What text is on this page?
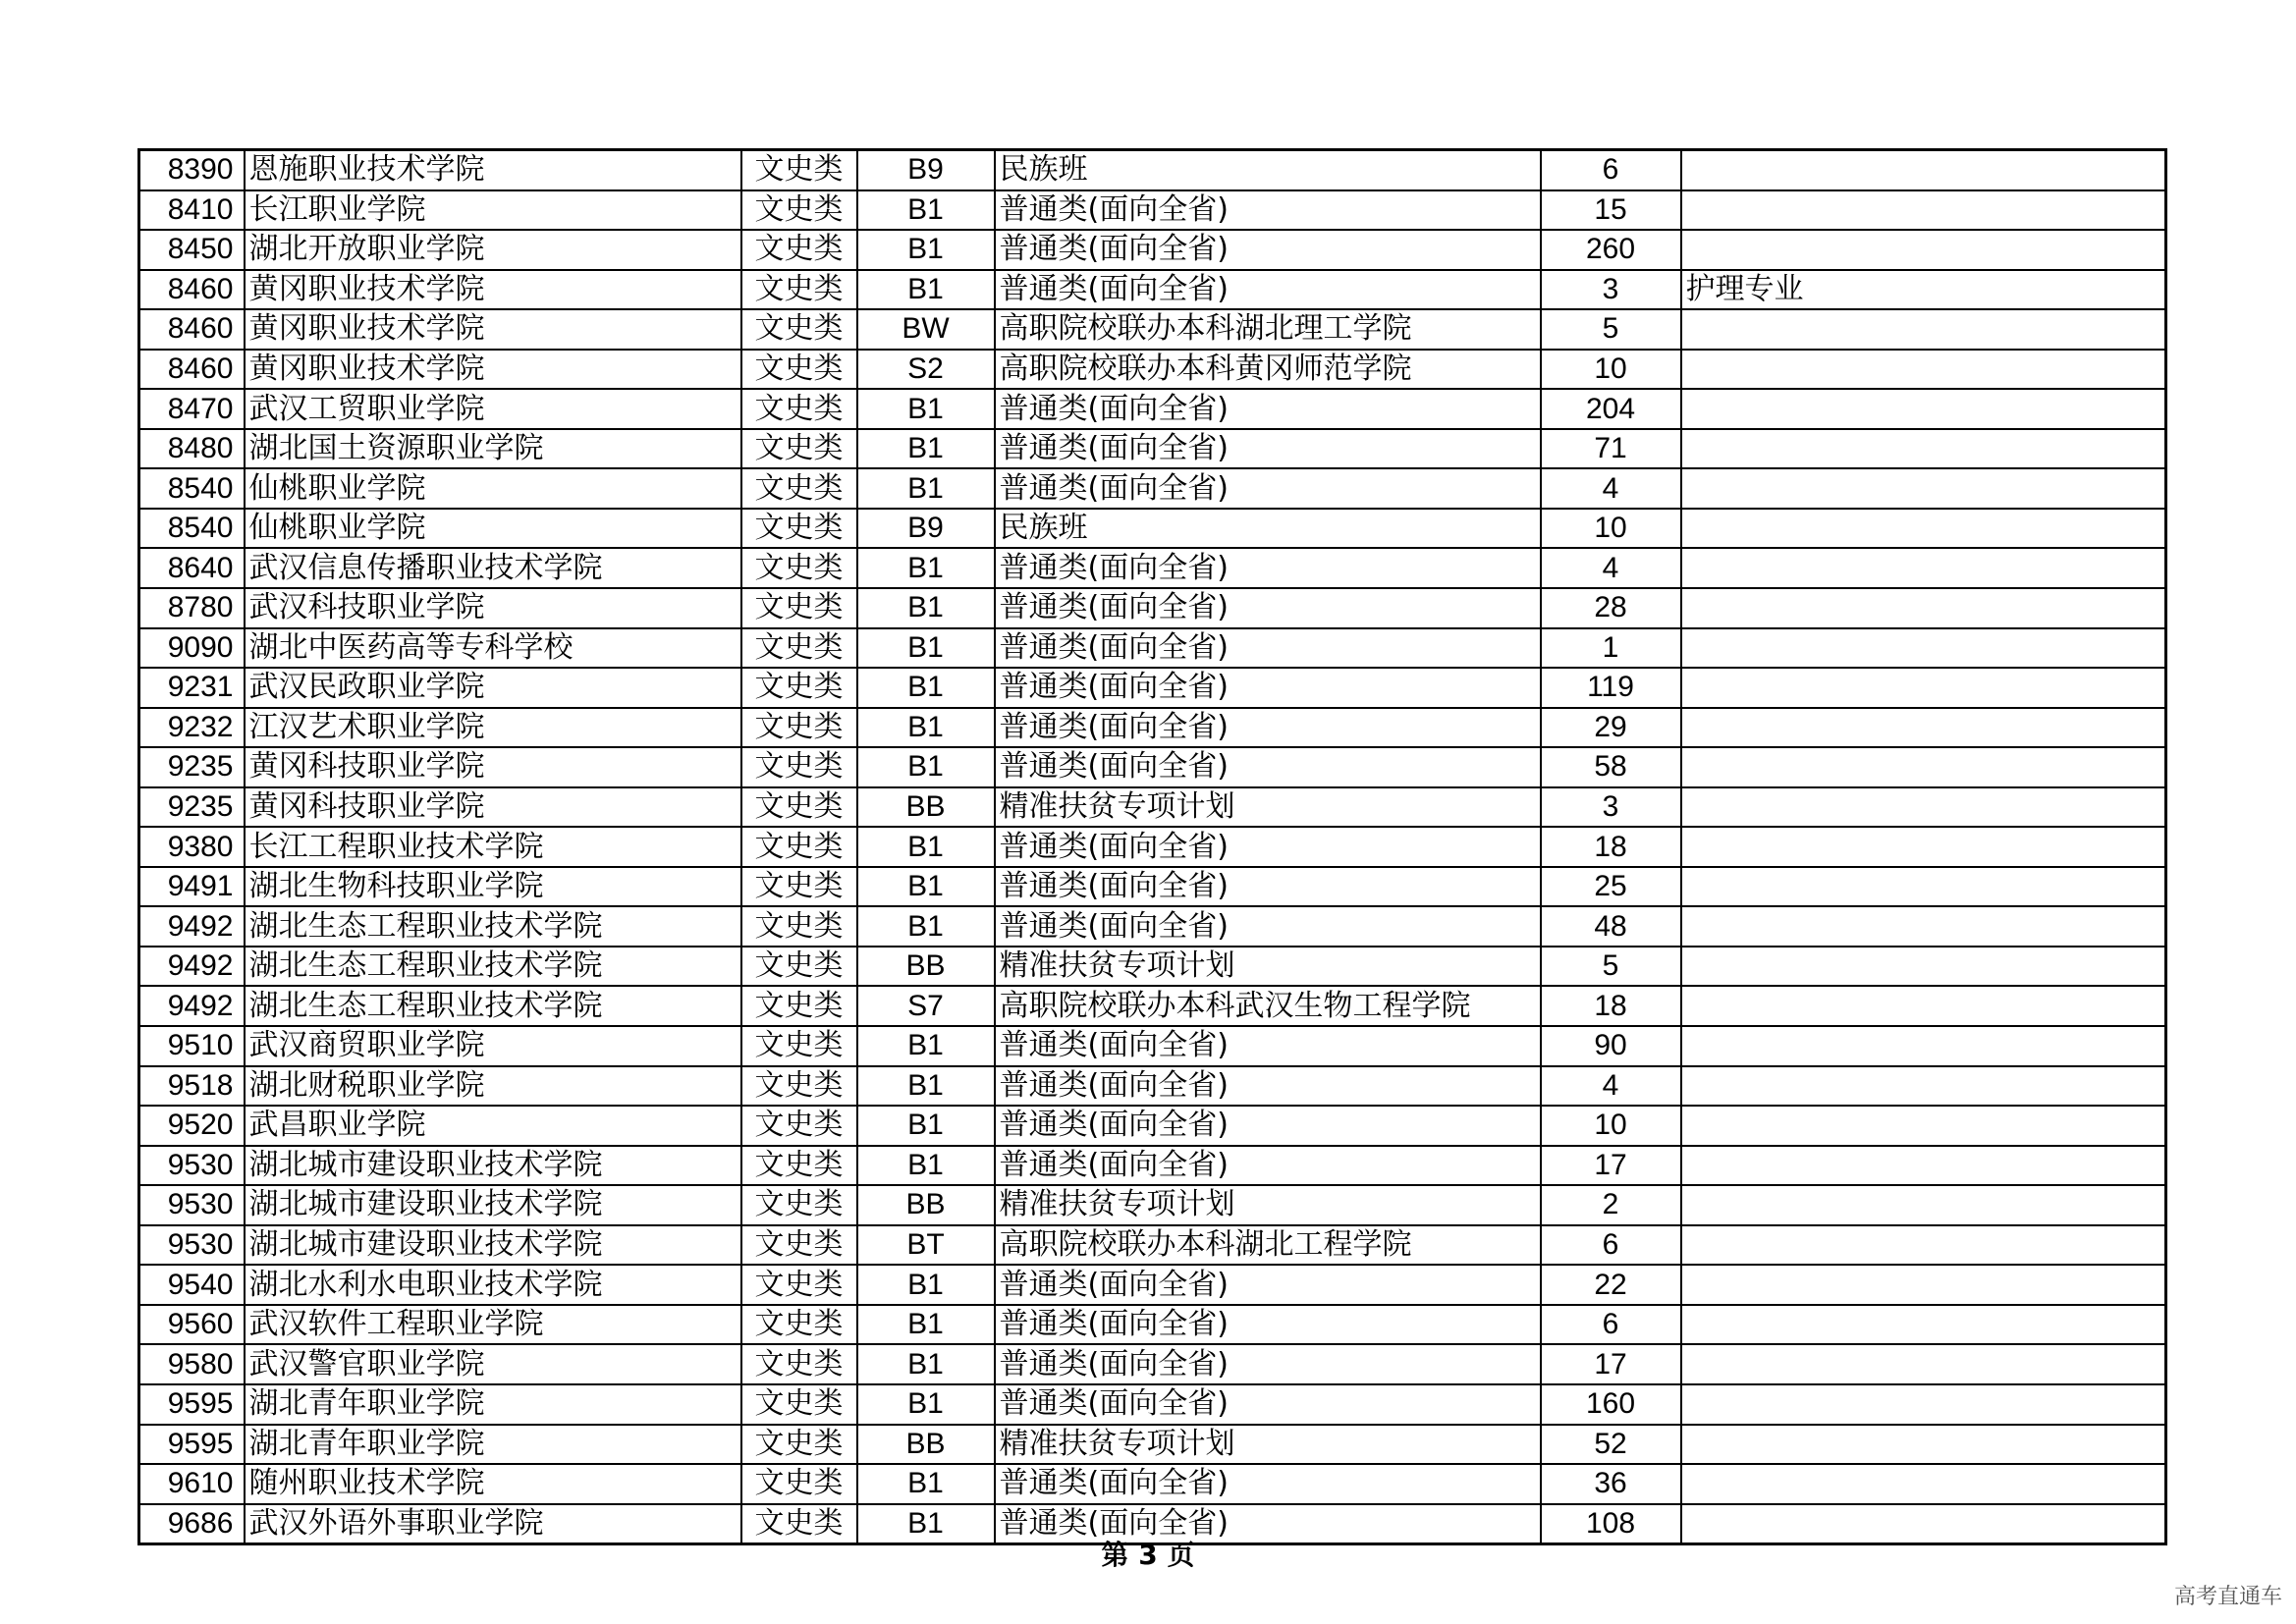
8390	恩施职业技术学院	文史类	B9	民族班	6	
8410	长江职业学院	文史类	B1	普通类(面向全省)	15	
8450	湖北开放职业学院	文史类	B1	普通类(面向全省)	260	
8460	黄冈职业技术学院	文史类	B1	普通类(面向全省)	3	护理专业
8460	黄冈职业技术学院	文史类	BW	高职院校联办本科湖北理工学院	5	
8460	黄冈职业技术学院	文史类	S2	高职院校联办本科黄冈师范学院	10	
8470	武汉工贸职业学院	文史类	B1	普通类(面向全省)	204	
8480	湖北国土资源职业学院	文史类	B1	普通类(面向全省)	71	
8540	仙桃职业学院	文史类	B1	普通类(面向全省)	4	
8540	仙桃职业学院	文史类	B9	民族班	10	
8640	武汉信息传播职业技术学院	文史类	B1	普通类(面向全省)	4	
8780	武汉科技职业学院	文史类	B1	普通类(面向全省)	28	
9090	湖北中医药高等专科学校	文史类	B1	普通类(面向全省)	1	
9231	武汉民政职业学院	文史类	B1	普通类(面向全省)	119	
9232	江汉艺术职业学院	文史类	B1	普通类(面向全省)	29	
9235	黄冈科技职业学院	文史类	B1	普通类(面向全省)	58	
9235	黄冈科技职业学院	文史类	BB	精准扶贫专项计划	3	
9380	长江工程职业技术学院	文史类	B1	普通类(面向全省)	18	
9491	湖北生物科技职业学院	文史类	B1	普通类(面向全省)	25	
9492	湖北生态工程职业技术学院	文史类	B1	普通类(面向全省)	48	
9492	湖北生态工程职业技术学院	文史类	BB	精准扶贫专项计划	5	
9492	湖北生态工程职业技术学院	文史类	S7	高职院校联办本科武汉生物工程学院	18	
9510	武汉商贸职业学院	文史类	B1	普通类(面向全省)	90	
9518	湖北财税职业学院	文史类	B1	普通类(面向全省)	4	
9520	武昌职业学院	文史类	B1	普通类(面向全省)	10	
9530	湖北城市建设职业技术学院	文史类	B1	普通类(面向全省)	17	
9530	湖北城市建设职业技术学院	文史类	BB	精准扶贫专项计划	2	
9530	湖北城市建设职业技术学院	文史类	BT	高职院校联办本科湖北工程学院	6	
9540	湖北水利水电职业技术学院	文史类	B1	普通类(面向全省)	22	
9560	武汉软件工程职业学院	文史类	B1	普通类(面向全省)	6	
9580	武汉警官职业学院	文史类	B1	普通类(面向全省)	17	
9595	湖北青年职业学院	文史类	B1	普通类(面向全省)	160	
9595	湖北青年职业学院	文史类	BB	精准扶贫专项计划	52	
9610	随州职业技术学院	文史类	B1	普通类(面向全省)	36	
9686	武汉外语外事职业学院	文史类	B1	普通类(面向全省)	108	
第 3 页
高考直通车
